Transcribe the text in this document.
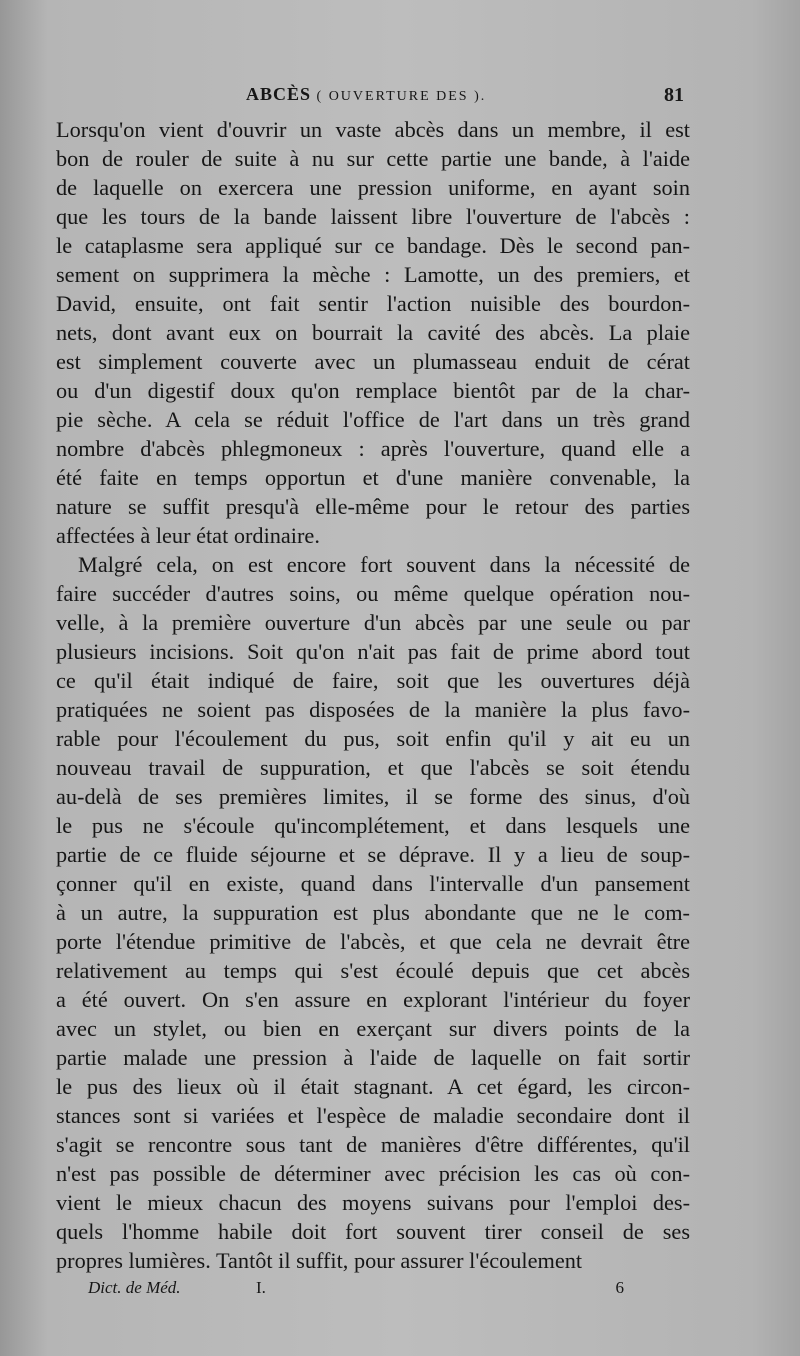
ABCÈS ( OUVERTURE DES ).	81

Lorsqu'on vient d'ouvrir un vaste abcès dans un membre, il est
bon de rouler de suite à nu sur cette partie une bande, à l'aide
de laquelle on exercera une pression uniforme, en ayant soin
que les tours de la bande laissent libre l'ouverture de l'abcès :
le cataplasme sera appliqué sur ce bandage. Dès le second pan-
sement on supprimera la mèche : Lamotte, un des premiers, et
David, ensuite, ont fait sentir l'action nuisible des bourdon-
nets, dont avant eux on bourrait la cavité des abcès. La plaie
est simplement couverte avec un plumasseau enduit de cérat
ou d'un digestif doux qu'on remplace bientôt par de la char-
pie sèche. A cela se réduit l'office de l'art dans un très grand
nombre d'abcès phlegmoneux : après l'ouverture, quand elle a
été faite en temps opportun et d'une manière convenable, la
nature se suffit presqu'à elle-même pour le retour des parties
affectées à leur état ordinaire.

Malgré cela, on est encore fort souvent dans la nécessité de
faire succéder d'autres soins, ou même quelque opération nou-
velle, à la première ouverture d'un abcès par une seule ou par
plusieurs incisions. Soit qu'on n'ait pas fait de prime abord tout
ce qu'il était indiqué de faire, soit que les ouvertures déjà
pratiquées ne soient pas disposées de la manière la plus favo-
rable pour l'écoulement du pus, soit enfin qu'il y ait eu un
nouveau travail de suppuration, et que l'abcès se soit étendu
au-delà de ses premières limites, il se forme des sinus, d'où
le pus ne s'écoule qu'incomplétement, et dans lesquels une
partie de ce fluide séjourne et se déprave. Il y a lieu de soup-
çonner qu'il en existe, quand dans l'intervalle d'un pansement
à un autre, la suppuration est plus abondante que ne le com-
porte l'étendue primitive de l'abcès, et que cela ne devrait être
relativement au temps qui s'est écoulé depuis que cet abcès
a été ouvert. On s'en assure en explorant l'intérieur du foyer
avec un stylet, ou bien en exerçant sur divers points de la
partie malade une pression à l'aide de laquelle on fait sortir
le pus des lieux où il était stagnant. A cet égard, les circon-
stances sont si variées et l'espèce de maladie secondaire dont il
s'agit se rencontre sous tant de manières d'être différentes, qu'il
n'est pas possible de déterminer avec précision les cas où con-
vient le mieux chacun des moyens suivans pour l'emploi des-
quels l'homme habile doit fort souvent tirer conseil de ses
propres lumières. Tantôt il suffit, pour assurer l'écoulement

Dict. de Méd.	I.	6
